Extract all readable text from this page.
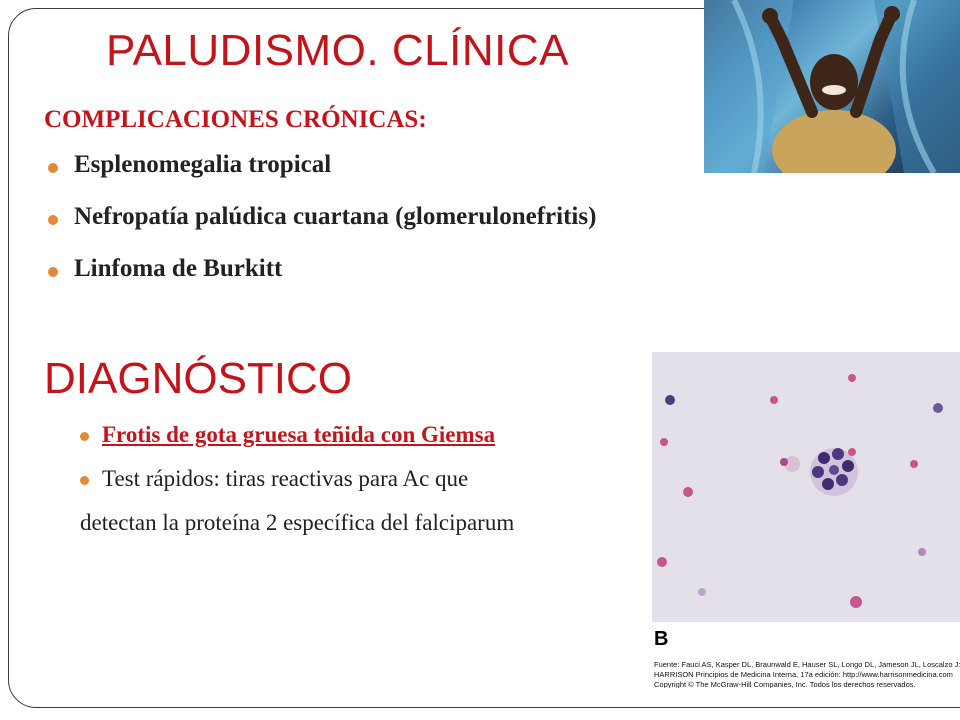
PALUDISMO. CLÍNICA
COMPLICACIONES CRÓNICAS:
Esplenomegalia tropical
Nefropatía palúdica cuartana (glomerulonefritis)
Linfoma de Burkitt
DIAGNÓSTICO
Frotis de gota gruesa teñida con Giemsa
Test rápidos: tiras reactivas para Ac que
detectan la proteína 2 específica del falciparum
B
Fuente: Fauci AS, Kasper DL, Braunwald E, Hauser SL, Longo DL, Jameson JL, Loscalzo J:
HARRISON Principios de Medicina Interna, 17a edición: http://www.harrisonmedicina.com
Copyright © The McGraw-Hill Companies, Inc. Todos los derechos reservados.
